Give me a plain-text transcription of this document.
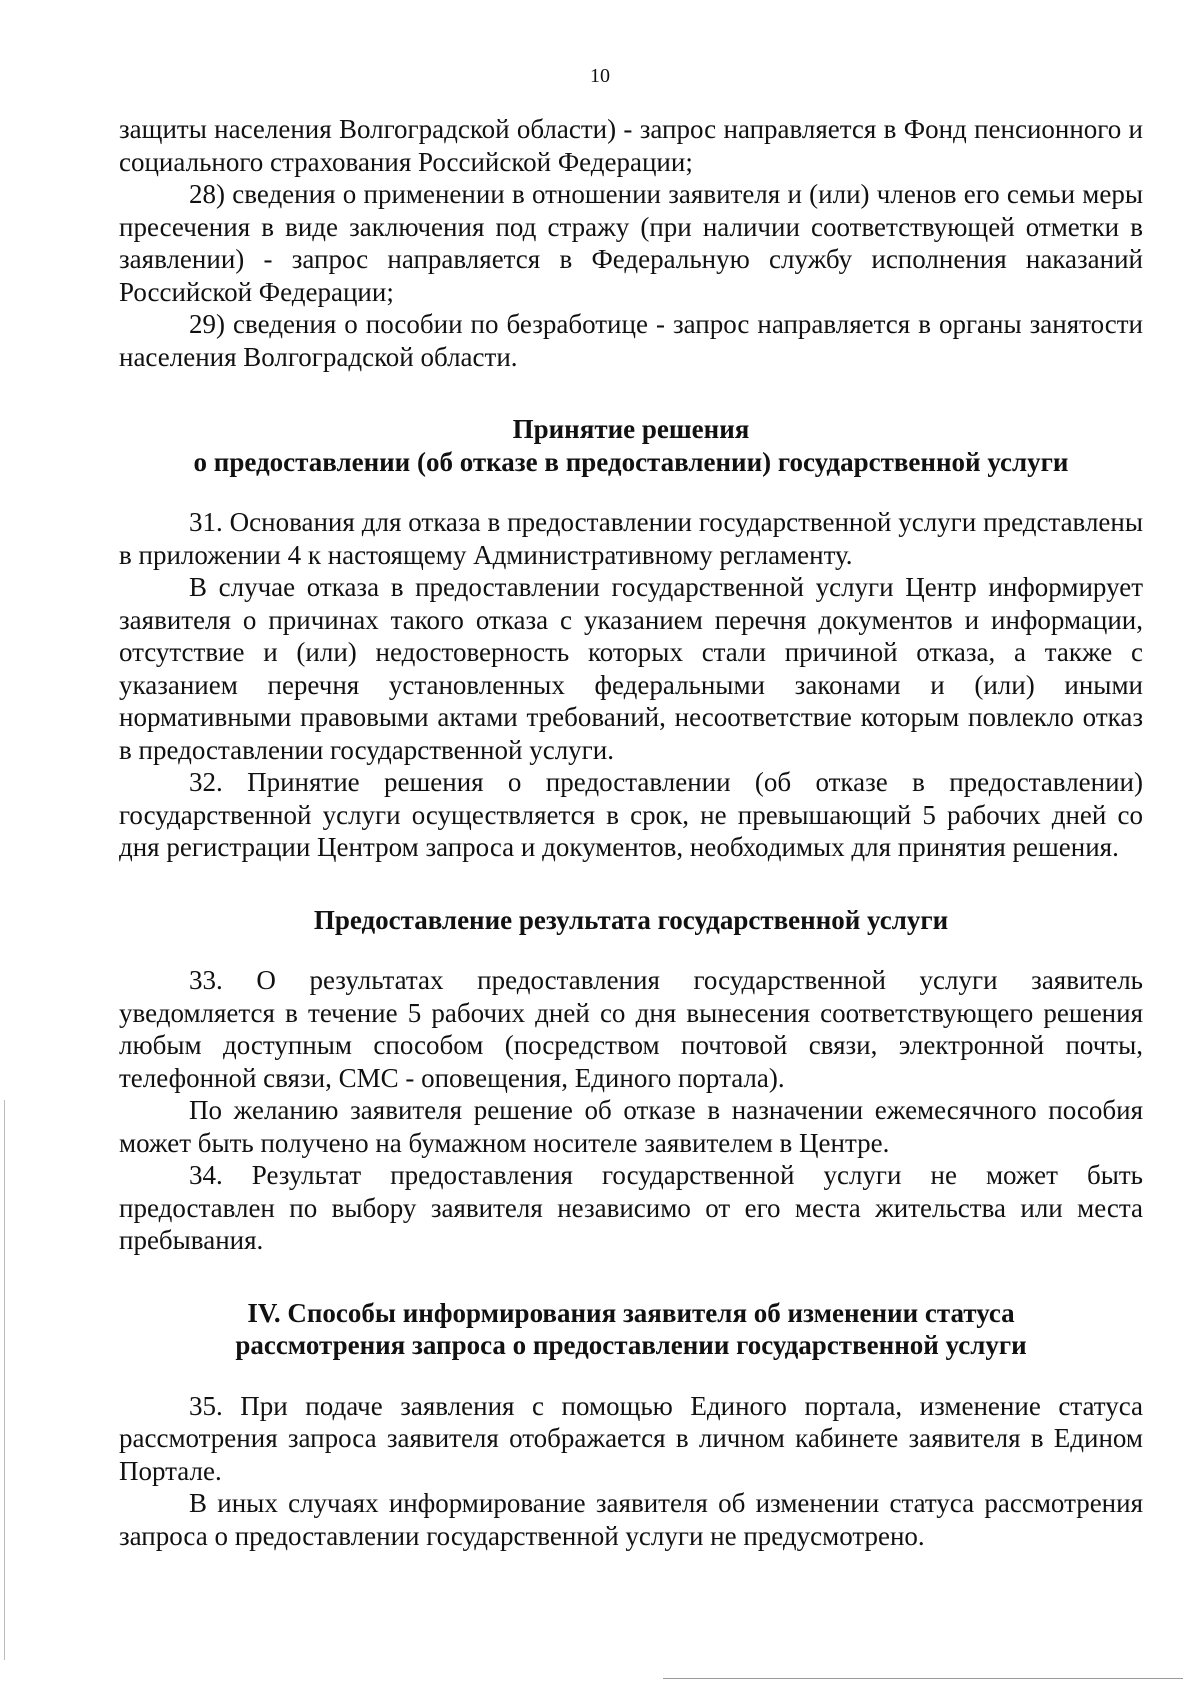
10

защиты населения Волгоградской области) - запрос направляется в Фонд пенсионного и социального страхования Российской Федерации;

28) сведения о применении в отношении заявителя и (или) членов его семьи меры пресечения в виде заключения под стражу (при наличии соответствующей отметки в заявлении) - запрос направляется в Федеральную службу исполнения наказаний Российской Федерации;

29) сведения о пособии по безработице - запрос направляется в органы занятости населения Волгоградской области.

Принятие решения
о предоставлении (об отказе в предоставлении) государственной услуги

31. Основания для отказа в предоставлении государственной услуги представлены в приложении 4 к настоящему Административному регламенту.

В случае отказа в предоставлении государственной услуги Центр информирует заявителя о причинах такого отказа с указанием перечня документов и информации, отсутствие и (или) недостоверность которых стали причиной отказа, а также с указанием перечня установленных федеральными законами и (или) иными нормативными правовыми актами требований, несоответствие которым повлекло отказ в предоставлении государственной услуги.

32. Принятие решения о предоставлении (об отказе в предоставлении) государственной услуги осуществляется в срок, не превышающий 5 рабочих дней со дня регистрации Центром запроса и документов, необходимых для принятия решения.

Предоставление результата государственной услуги

33. О результатах предоставления государственной услуги заявитель уведомляется в течение 5 рабочих дней со дня вынесения соответствующего решения любым доступным способом (посредством почтовой связи, электронной почты, телефонной связи, СМС - оповещения, Единого портала).

По желанию заявителя решение об отказе в назначении ежемесячного пособия может быть получено на бумажном носителе заявителем в Центре.

34. Результат предоставления государственной услуги не может быть предоставлен по выбору заявителя независимо от его места жительства или места пребывания.

IV. Способы информирования заявителя об изменении статуса
рассмотрения запроса о предоставлении государственной услуги

35. При подаче заявления с помощью Единого портала, изменение статуса рассмотрения запроса заявителя отображается в личном кабинете заявителя в Едином Портале.

В иных случаях информирование заявителя об изменении статуса рассмотрения запроса о предоставлении государственной услуги не предусмотрено.
